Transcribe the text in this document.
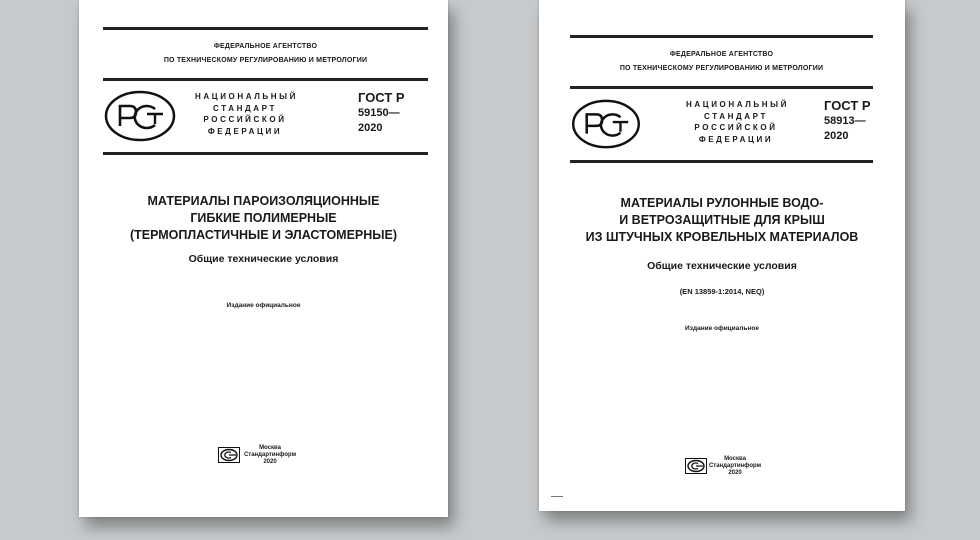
ФЕДЕРАЛЬНОЕ АГЕНТСТВО
ПО ТЕХНИЧЕСКОМУ РЕГУЛИРОВАНИЮ И МЕТРОЛОГИИ
НАЦИОНАЛЬНЫЙ
СТАНДАРТ
РОССИЙСКОЙ
ФЕДЕРАЦИИ
ГОСТ Р
59150—
2020
МАТЕРИАЛЫ ПАРОИЗОЛЯЦИОННЫЕ
ГИБКИЕ ПОЛИМЕРНЫЕ
(ТЕРМОПЛАСТИЧНЫЕ И ЭЛАСТОМЕРНЫЕ)
Общие технические условия
Издание официальное
Москва
Стандартинформ
2020
ФЕДЕРАЛЬНОЕ АГЕНТСТВО
ПО ТЕХНИЧЕСКОМУ РЕГУЛИРОВАНИЮ И МЕТРОЛОГИИ
НАЦИОНАЛЬНЫЙ
СТАНДАРТ
РОССИЙСКОЙ
ФЕДЕРАЦИИ
ГОСТ Р
58913—
2020
МАТЕРИАЛЫ РУЛОННЫЕ ВОДО-
И ВЕТРОЗАЩИТНЫЕ ДЛЯ КРЫШ
ИЗ ШТУЧНЫХ КРОВЕЛЬНЫХ МАТЕРИАЛОВ
Общие технические условия
(EN 13859-1:2014, NEQ)
Издание официальное
Москва
Стандартинформ
2020
